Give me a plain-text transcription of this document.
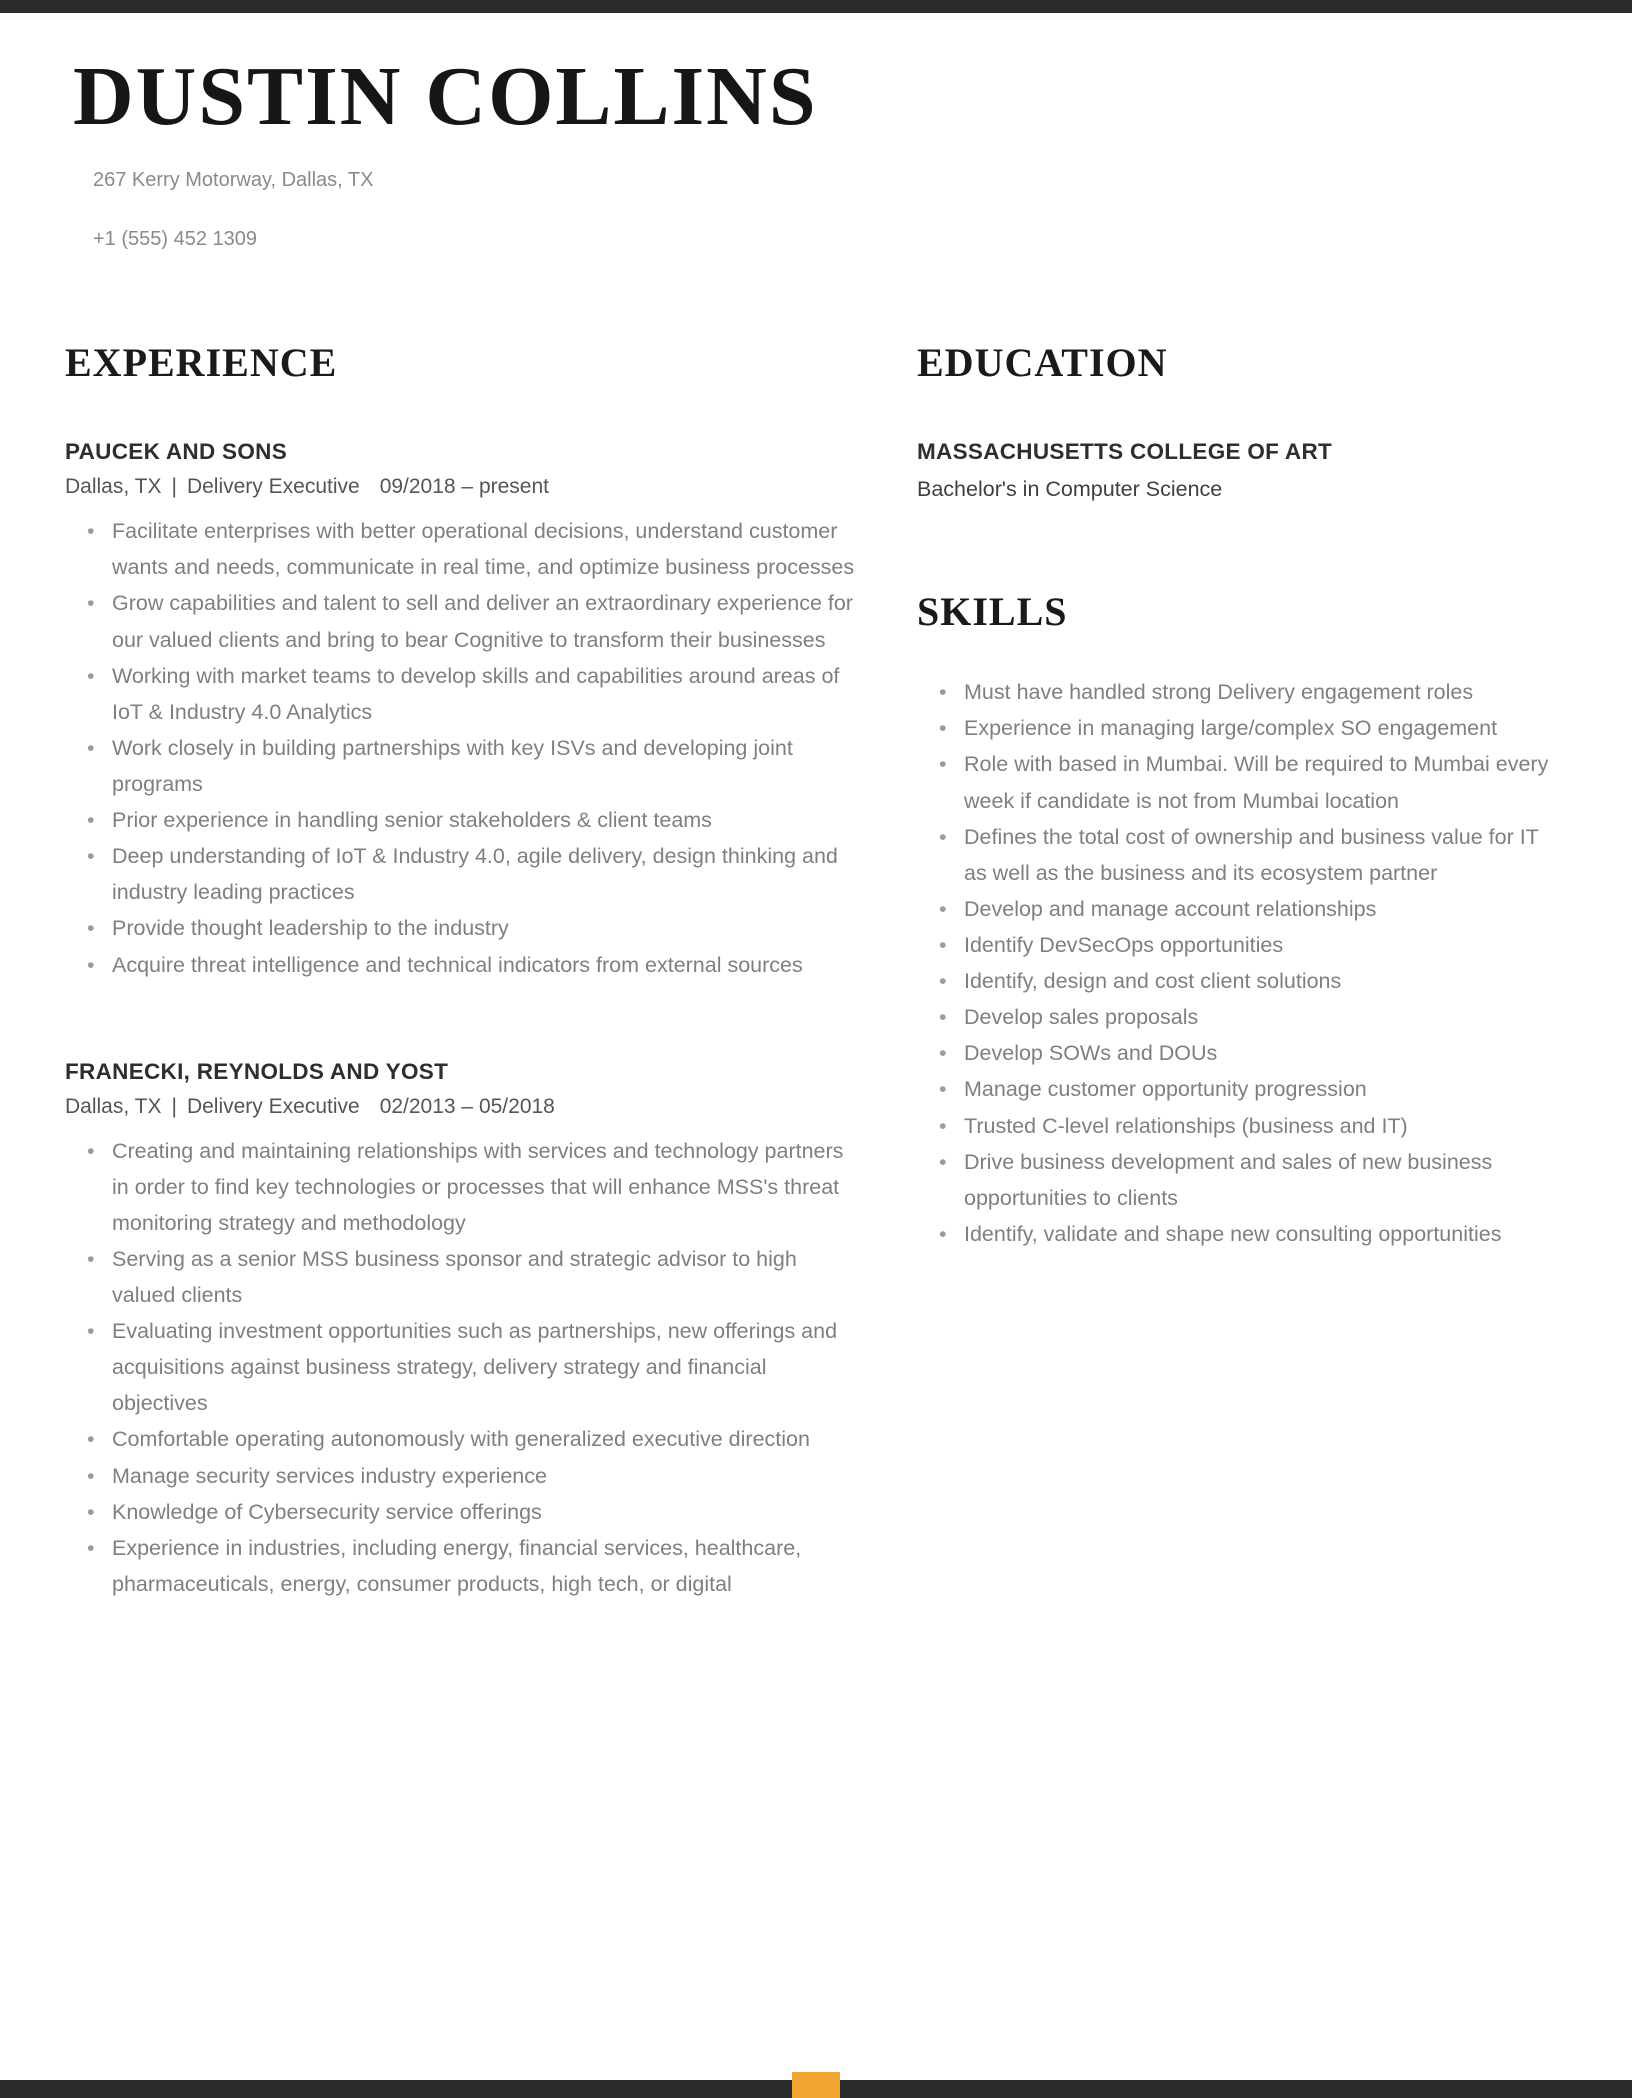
DUSTIN COLLINS
267 Kerry Motorway, Dallas, TX
+1 (555) 452 1309
EXPERIENCE
PAUCEK AND SONS
Dallas, TX | Delivery Executive 09/2018 – present
• Facilitate enterprises with better operational decisions, understand customer wants and needs, communicate in real time, and optimize business processes
• Grow capabilities and talent to sell and deliver an extraordinary experience for our valued clients and bring to bear Cognitive to transform their businesses
• Working with market teams to develop skills and capabilities around areas of IoT & Industry 4.0 Analytics
• Work closely in building partnerships with key ISVs and developing joint programs
• Prior experience in handling senior stakeholders & client teams
• Deep understanding of IoT & Industry 4.0, agile delivery, design thinking and industry leading practices
• Provide thought leadership to the industry
• Acquire threat intelligence and technical indicators from external sources
FRANECKI, REYNOLDS AND YOST
Dallas, TX | Delivery Executive 02/2013 – 05/2018
• Creating and maintaining relationships with services and technology partners in order to find key technologies or processes that will enhance MSS's threat monitoring strategy and methodology
• Serving as a senior MSS business sponsor and strategic advisor to high valued clients
• Evaluating investment opportunities such as partnerships, new offerings and acquisitions against business strategy, delivery strategy and financial objectives
• Comfortable operating autonomously with generalized executive direction
• Manage security services industry experience
• Knowledge of Cybersecurity service offerings
• Experience in industries, including energy, financial services, healthcare, pharmaceuticals, energy, consumer products, high tech, or digital
EDUCATION
MASSACHUSETTS COLLEGE OF ART
Bachelor's in Computer Science
SKILLS
• Must have handled strong Delivery engagement roles
• Experience in managing large/complex SO engagement
• Role with based in Mumbai. Will be required to Mumbai every week if candidate is not from Mumbai location
• Defines the total cost of ownership and business value for IT as well as the business and its ecosystem partner
• Develop and manage account relationships
• Identify DevSecOps opportunities
• Identify, design and cost client solutions
• Develop sales proposals
• Develop SOWs and DOUs
• Manage customer opportunity progression
• Trusted C-level relationships (business and IT)
• Drive business development and sales of new business opportunities to clients
• Identify, validate and shape new consulting opportunities
